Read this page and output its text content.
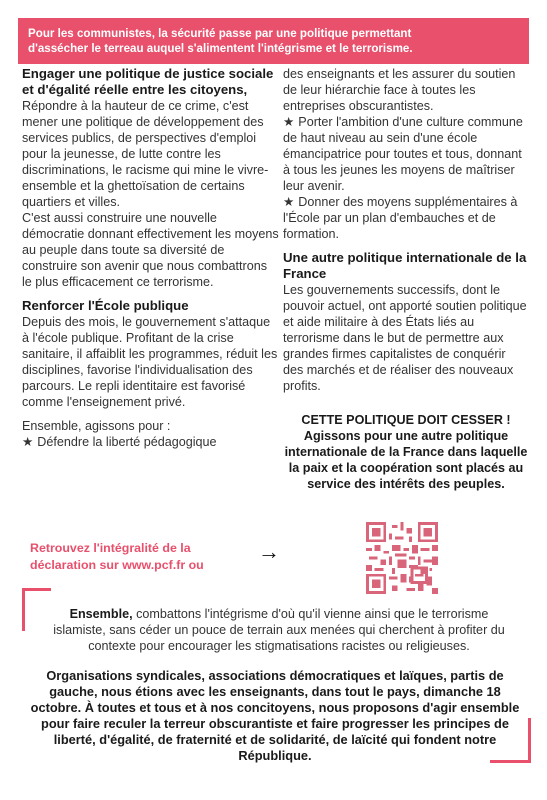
Pour les communistes, la sécurité passe par une politique permettant
d'assécher le terreau auquel s'alimentent l'intégrisme et le terrorisme.

Engager une politique de justice sociale et d'égalité réelle entre les citoyens,

Répondre à la hauteur de ce crime, c'est mener une politique de développement des services publics, de perspectives d'emploi pour la jeunesse, de lutte contre les discriminations, le racisme qui mine le vivre-ensemble et la ghettoïsation de certains quartiers et villes.

C'est aussi construire une nouvelle démocratie donnant effectivement les moyens au peuple dans toute sa diversité de construire son avenir que nous combattrons le plus efficacement ce terrorisme.

Renforcer l'École publique

Depuis des mois, le gouvernement s'attaque à l'école publique. Profitant de la crise sanitaire, il affaiblit les programmes, réduit les disciplines, favorise l'individualisation des parcours. Le repli identitaire est favorisé comme l'enseignement privé.

Ensemble, agissons pour :

★ Défendre la liberté pédagogique

des enseignants et les assurer du soutien de leur hiérarchie face à toutes les entreprises obscurantistes.

★ Porter l'ambition d'une culture commune de haut niveau au sein d'une école émancipatrice pour toutes et tous, donnant à tous les jeunes les moyens de maîtriser leur avenir.

★ Donner des moyens supplémentaires à l'École par un plan d'embauches et de formation.

Une autre politique internationale de la France

Les gouvernements successifs, dont le pouvoir actuel, ont apporté soutien politique et aide militaire à des États liés au terrorisme dans le but de permettre aux grandes firmes capitalistes de conquérir des marchés et de réaliser des nouveaux profits.

CETTE POLITIQUE DOIT CESSER !
Agissons pour une autre politique internationale de la France dans laquelle la paix et la coopération sont placés au service des intérêts des peuples.
Retrouvez l'intégralité de la déclaration sur www.pcf.fr ou
→
Ensemble, combattons l'intégrisme d'où qu'il vienne ainsi que le terrorisme islamiste, sans céder un pouce de terrain aux menées qui cherchent à profiter du contexte pour encourager les stigmatisations racistes ou religieuses.
Organisations syndicales, associations démocratiques et laïques, partis de gauche, nous étions avec les enseignants, dans tout le pays, dimanche 18 octobre. À toutes et tous et à nos concitoyens, nous proposons d'agir ensemble pour faire reculer la terreur obscurantiste et faire progresser les principes de liberté, d'égalité, de fraternité et de solidarité, de laïcité qui fondent notre République.
